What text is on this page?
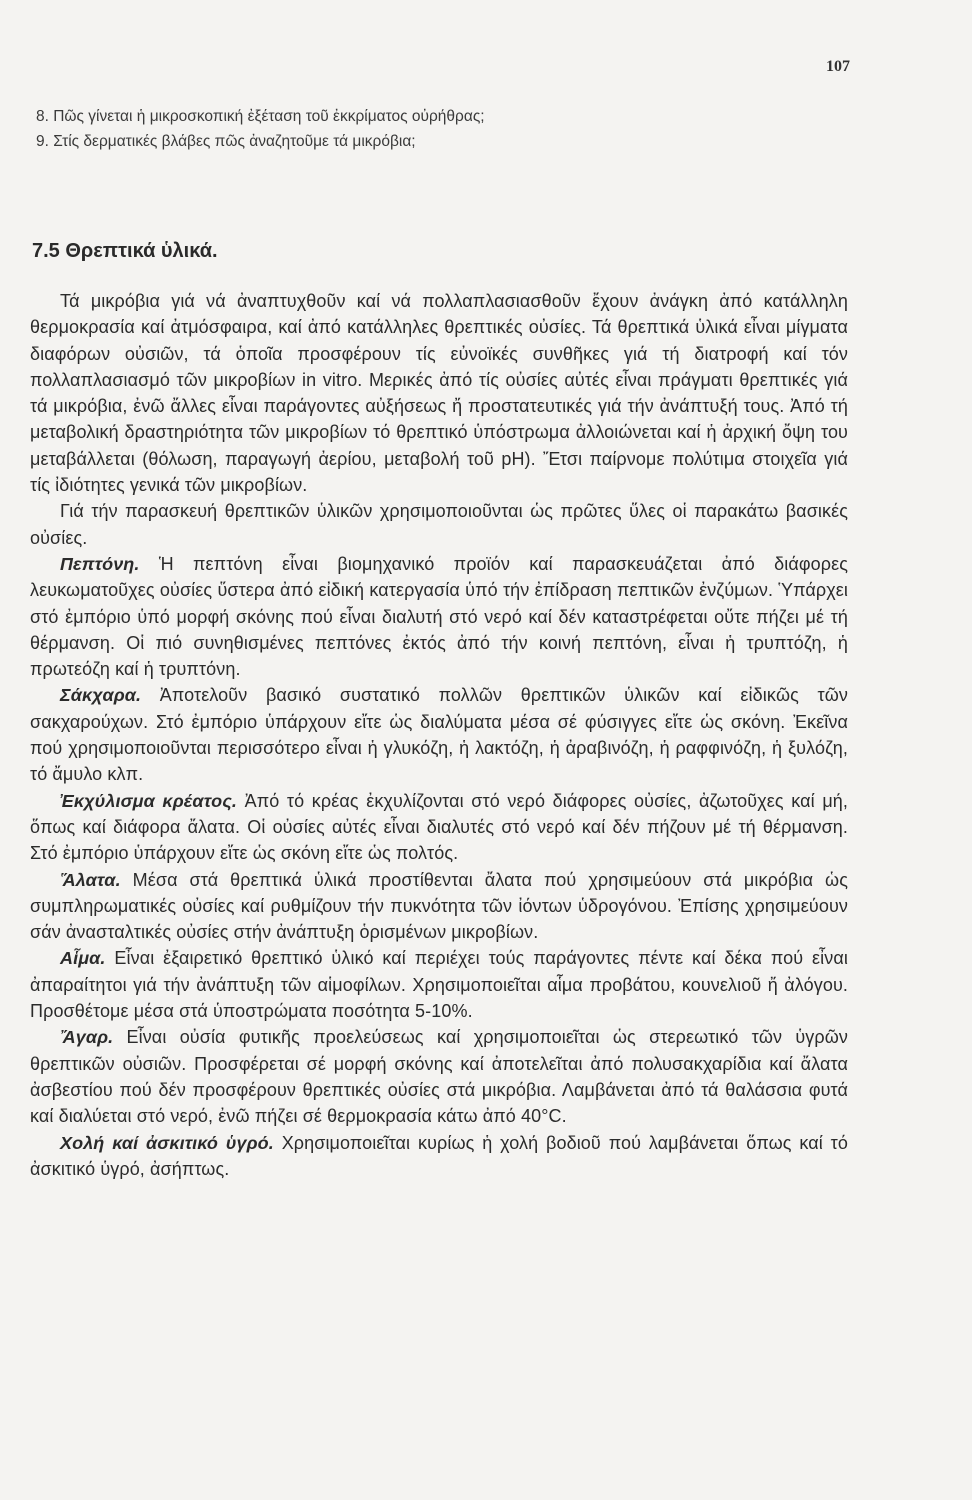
107
8. Πῶς γίνεται ἡ μικροσκοπική ἐξέταση τοῦ ἐκκρίματος οὐρήθρας;
9. Στίς δερματικές βλάβες πῶς ἀναζητοῦμε τά μικρόβια;
7.5 Θρεπτικά ὑλικά.

Τά μικρόβια γιά νά ἀναπτυχθοῦν καί νά πολλαπλασιασθοῦν ἔχουν ἀνάγκη ἀπό κατάλληλη θερμοκρασία καί ἀτμόσφαιρα, καί ἀπό κατάλληλες θρεπτικές οὐσίες. Τά θρεπτικά ὑλικά εἶναι μίγματα διαφόρων οὐσιῶν, τά ὁποῖα προσφέρουν τίς εὐνοϊκές συνθῆκες γιά τή διατροφή καί τόν πολλαπλασιασμό τῶν μικροβίων in vitro. Μερικές ἀπό τίς οὐσίες αὐτές εἶναι πράγματι θρεπτικές γιά τά μικρόβια, ἐνῶ ἄλλες εἶναι παράγοντες αὐξήσεως ἤ προστατευτικές γιά τήν ἀνάπτυξή τους. Ἀπό τή μεταβολική δραστηριότητα τῶν μικροβίων τό θρεπτικό ὑπόστρωμα ἀλλοιώνεται καί ἡ ἀρχική ὄψη του μεταβάλλεται (θόλωση, παραγωγή ἀερίου, μεταβολή τοῦ pH). Ἔτσι παίρνομε πολύτιμα στοιχεῖα γιά τίς ἰδιότητες γενικά τῶν μικροβίων.

Γιά τήν παρασκευή θρεπτικῶν ὑλικῶν χρησιμοποιοῦνται ὡς πρῶτες ὕλες οἱ παρακάτω βασικές οὐσίες.

Πεπτόνη. Ἡ πεπτόνη εἶναι βιομηχανικό προϊόν καί παρασκευάζεται ἀπό διάφορες λευκωματοῦχες οὐσίες ὕστερα ἀπό εἰδική κατεργασία ὑπό τήν ἐπίδραση πεπτικῶν ἐνζύμων. Ὑπάρχει στό ἐμπόριο ὑπό μορφή σκόνης πού εἶναι διαλυτή στό νερό καί δέν καταστρέφεται οὔτε πήζει μέ τή θέρμανση. Οἱ πιό συνηθισμένες πεπτόνες ἐκτός ἀπό τήν κοινή πεπτόνη, εἶναι ἡ τρυπτόζη, ἡ πρωτεόζη καί ἡ τρυπτόνη.

Σάκχαρα. Ἀποτελοῦν βασικό συστατικό πολλῶν θρεπτικῶν ὑλικῶν καί εἰδικῶς τῶν σακχαρούχων. Στό ἐμπόριο ὑπάρχουν εἴτε ὡς διαλύματα μέσα σέ φύσιγγες εἴτε ὡς σκόνη. Ἐκεῖνα πού χρησιμοποιοῦνται περισσότερο εἶναι ἡ γλυκόζη, ἡ λακτόζη, ἡ ἀραβινόζη, ἡ ραφφινόζη, ἡ ξυλόζη, τό ἄμυλο κλπ.

Ἐκχύλισμα κρέατος. Ἀπό τό κρέας ἐκχυλίζονται στό νερό διάφορες οὐσίες, ἀζωτοῦχες καί μή, ὅπως καί διάφορα ἄλατα. Οἱ οὐσίες αὐτές εἶναι διαλυτές στό νερό καί δέν πήζουν μέ τή θέρμανση. Στό ἐμπόριο ὑπάρχουν εἴτε ὡς σκόνη εἴτε ὡς πολτός.

Ἅλατα. Μέσα στά θρεπτικά ὑλικά προστίθενται ἄλατα πού χρησιμεύουν στά μικρόβια ὡς συμπληρωματικές οὐσίες καί ρυθμίζουν τήν πυκνότητα τῶν ἰόντων ὑδρογόνου. Ἐπίσης χρησιμεύουν σάν ἀνασταλτικές οὐσίες στήν ἀνάπτυξη ὁρισμένων μικροβίων.

Αἷμα. Εἶναι ἐξαιρετικό θρεπτικό ὑλικό καί περιέχει τούς παράγοντες πέντε καί δέκα πού εἶναι ἀπαραίτητοι γιά τήν ἀνάπτυξη τῶν αἱμοφίλων. Χρησιμοποιεῖται αἷμα προβάτου, κουνελιοῦ ἤ ἀλόγου. Προσθέτομε μέσα στά ὑποστρώματα ποσότητα 5-10%.

Ἄγαρ. Εἶναι οὐσία φυτικῆς προελεύσεως καί χρησιμοποιεῖται ὡς στερεωτικό τῶν ὑγρῶν θρεπτικῶν οὐσιῶν. Προσφέρεται σέ μορφή σκόνης καί ἀποτελεῖται ἀπό πολυσακχαρίδια καί ἄλατα ἀσβεστίου πού δέν προσφέρουν θρεπτικές οὐσίες στά μικρόβια. Λαμβάνεται ἀπό τά θαλάσσια φυτά καί διαλύεται στό νερό, ἐνῶ πήζει σέ θερμοκρασία κάτω ἀπό 40°C.

Χολή καί ἀσκιτικό ὑγρό. Χρησιμοποιεῖται κυρίως ἡ χολή βοδιοῦ πού λαμβάνεται ὅπως καί τό ἀσκιτικό ὑγρό, ἀσήπτως.
